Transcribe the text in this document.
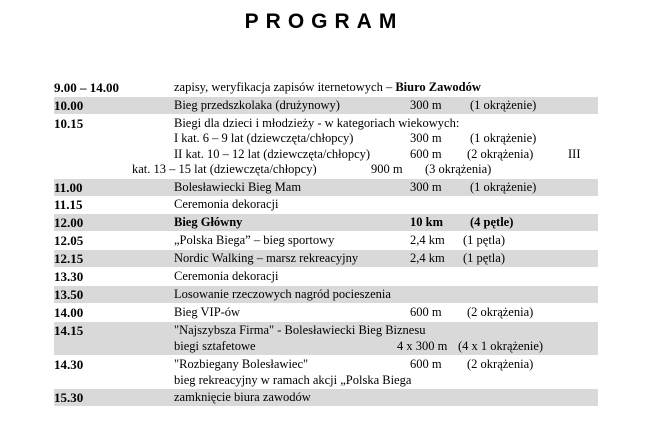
PROGRAM
9.00 – 14.00	zapisy, weryfikacja zapisów iternetowych – Biuro Zawodów
10.00	Bieg przedszkolaka (drużynowy)	300 m (1 okrążenie)
10.15	Biegi dla dzieci i młodzieży - w kategoriach wiekowych:
I kat. 6 – 9 lat (dziewczęta/chłopcy)	300 m (1 okrążenie)
II kat. 10 – 12 lat (dziewczęta/chłopcy)	600 m (2 okrążenia)	III
kat. 13 – 15 lat (dziewczęta/chłopcy)	900 m (3 okrążenia)
11.00	Bolesławiecki Bieg Mam	300 m (1 okrążenie)
11.15	Ceremonia dekoracji
12.00	Bieg Główny	10 km (4 pętle)
12.05	„Polska Biega” – bieg sportowy	2,4 km (1 pętla)
12.15	Nordic Walking – marsz rekreacyjny	2,4 km (1 pętla)
13.30	Ceremonia dekoracji
13.50	Losowanie rzeczowych nagród pocieszenia
14.00	Bieg VIP-ów	600 m (2 okrążenia)
14.15	"Najszybsza Firma" - Bolesławiecki Bieg Biznesu
biegi sztafetowe	4 x 300 m (4 x 1 okrążenie)
14.30	"Rozbiegany Bolesławiec"	600 m (2 okrążenia)
bieg rekreacyjny w ramach akcji „Polska Biega
15.30	zamknięcie biura zawodów
